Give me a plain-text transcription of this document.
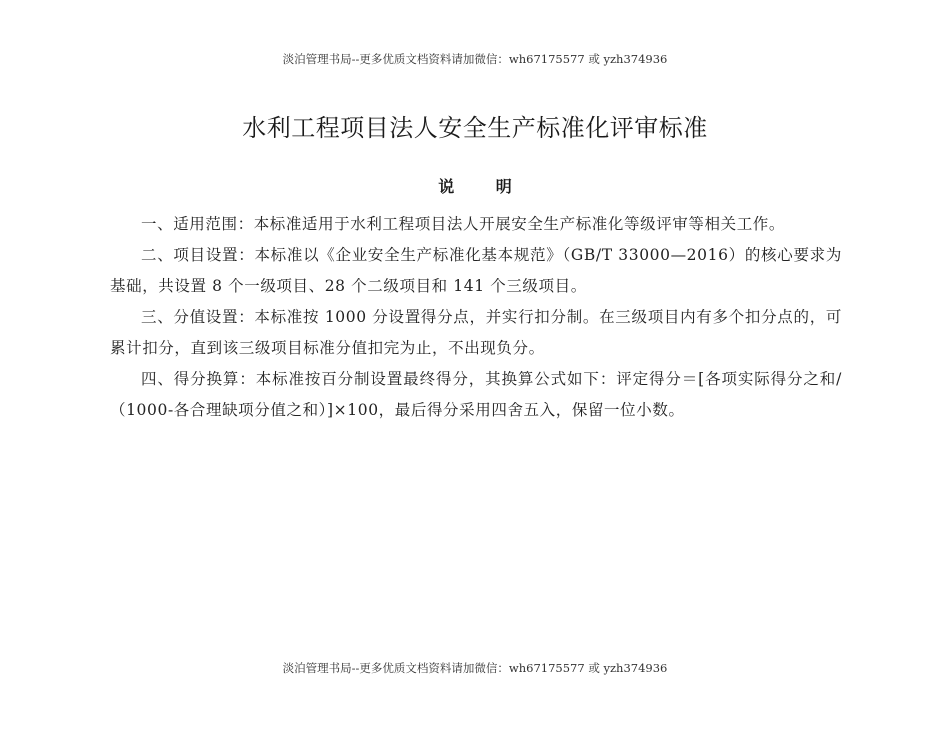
淡泊管理书局--更多优质文档资料请加微信：wh67175577 或 yzh374936
水利工程项目法人安全生产标准化评审标准
说 明

一、适用范围：本标准适用于水利工程项目法人开展安全生产标准化等级评审等相关工作。

二、项目设置：本标准以《企业安全生产标准化基本规范》（GB/T 33000—2016）的核心要求为基础，共设置 8 个一级项目、28 个二级项目和 141 个三级项目。

三、分值设置：本标准按 1000 分设置得分点，并实行扣分制。在三级项目内有多个扣分点的，可累计扣分，直到该三级项目标准分值扣完为止，不出现负分。

四、得分换算：本标准按百分制设置最终得分，其换算公式如下：评定得分＝[各项实际得分之和/（1000-各合理缺项分值之和）]×100，最后得分采用四舍五入，保留一位小数。

淡泊管理书局--更多优质文档资料请加微信：wh67175577 或 yzh374936
